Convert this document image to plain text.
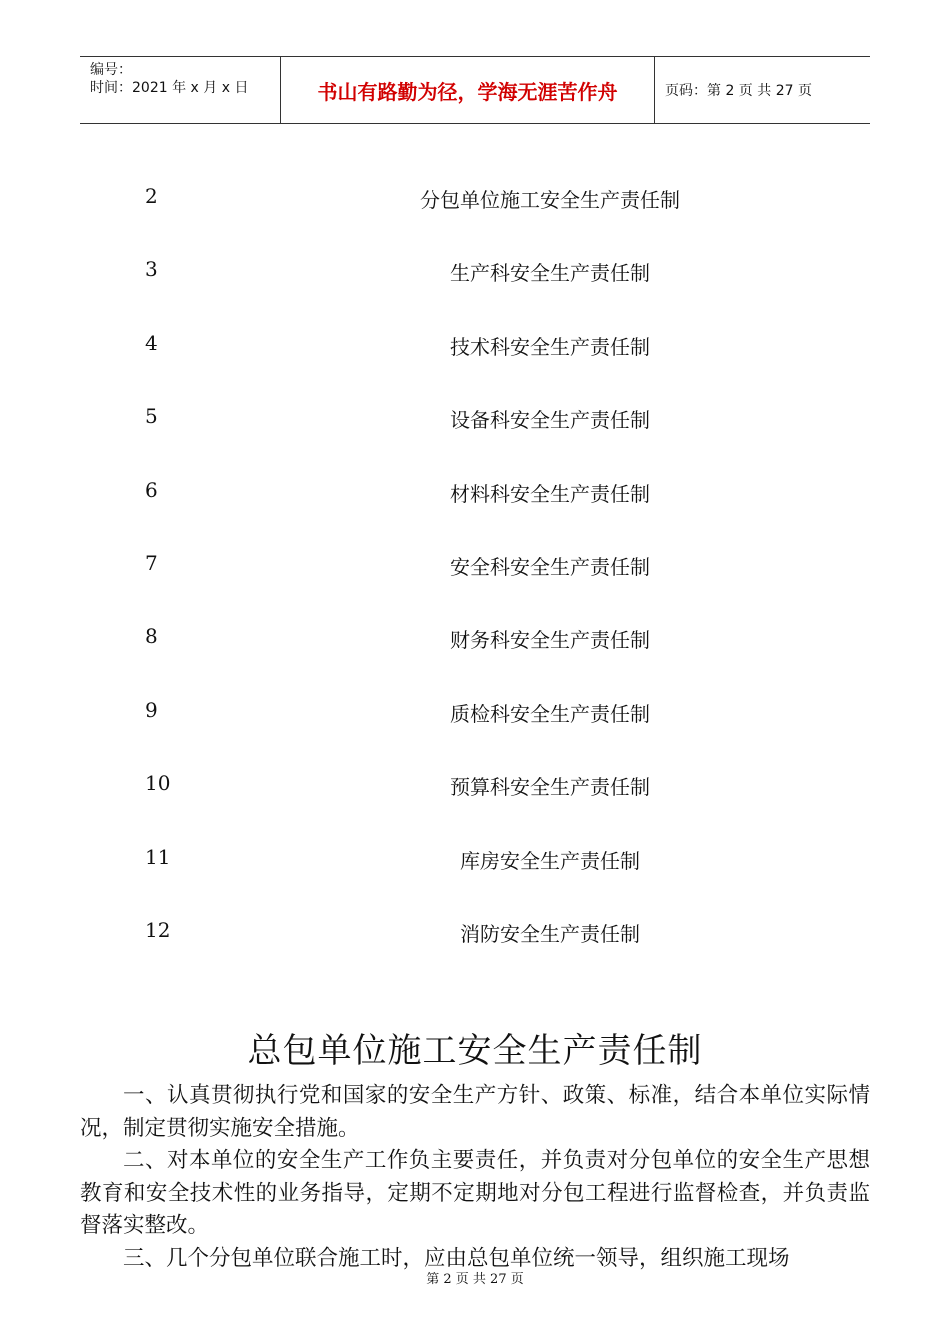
编号：
时间：2021 年 x 月 x 日	书山有路勤为径，学海无涯苦作舟	页码：第 2 页 共 27 页
2	分包单位施工安全生产责任制
3	生产科安全生产责任制
4	技术科安全生产责任制
5	设备科安全生产责任制
6	材料科安全生产责任制
7	安全科安全生产责任制
8	财务科安全生产责任制
9	质检科安全生产责任制
10	预算科安全生产责任制
11	库房安全生产责任制
12	消防安全生产责任制
总包单位施工安全生产责任制

一、认真贯彻执行党和国家的安全生产方针、政策、标准，结合本单位实际情况，制定贯彻实施安全措施。

二、对本单位的安全生产工作负主要责任，并负责对分包单位的安全生产思想教育和安全技术性的业务指导，定期不定期地对分包工程进行监督检查，并负责监督落实整改。

三、几个分包单位联合施工时，应由总包单位统一领导，组织施工现场

第 2 页 共 27 页
